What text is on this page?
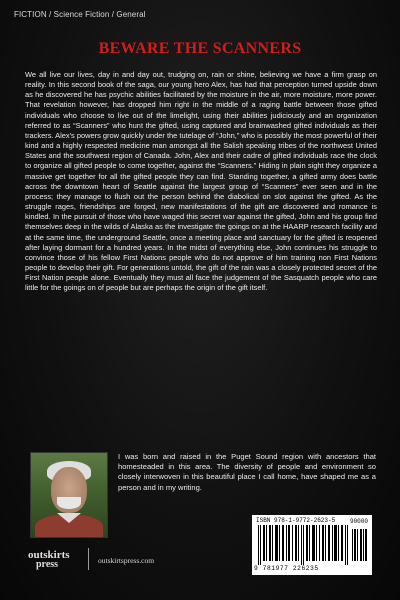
FICTION / Science Fiction / General
BEWARE THE SCANNERS
We all live our lives, day in and day out, trudging on, rain or shine, believing we have a firm grasp on reality. In this second book of the saga, our young hero Alex, has had that perception turned upside down as he discovered he has psychic abilities facilitated by the moisture in the air, more moisture, more power. That revelation however, has dropped him right in the middle of a raging battle between those gifted individuals who choose to live out of the limelight, using their abilities judiciously and an organization referred to as “Scanners” who hunt the gifted, using captured and brainwashed gifted individuals as their trackers. Alex's powers grow quickly under the tutelage of “John,” who is possibly the most powerful of their kind and a highly respected medicine man amongst all the Salish speaking tribes of the northwest United States and the southwest region of Canada. John, Alex and their cadre of gifted individuals race the clock to organize all gifted people to come together, against the “Scanners.” Hiding in plain sight they organize a massive get together for all the gifted people they can find. Standing together, a gifted army does battle across the downtown heart of Seattle against the largest group of “Scanners” ever seen and in the process; they manage to flush out the person behind the diabolical on slot against the gifted. As the struggle rages, friendships are forged, new manifestations of the gift are discovered and romance is kindled. In the pursuit of those who have waged this secret war against the gifted, John and his group find themselves deep in the wilds of Alaska as the investigate the goings on at the HAARP research facility and at the same time, the underground Seattle, once a meeting place and sanctuary for the gifted is reopened after laying dormant for a hundred years. In the midst of everything else, John continues his struggle to convince those of his fellow First Nations people who do not approve of him training non First Nations people to develop their gift. For generations untold, the gift of the rain was a closely protected secret of the First Nation people alone. Eventually they must all face the judgement of the Sasquatch people who care little for the goings on of people but are perhaps the origin of the gift itself.
I was born and raised in the Puget Sound region with ancestors that homesteaded in this area. The diversity of people and environment so closely interwoven in this beautiful place I call home, have shaped me as a person and in my writing.
ISBN 978-1-9772-2623-5	90000
9 781977 226235
outskirts
press	outskirtspress.com
